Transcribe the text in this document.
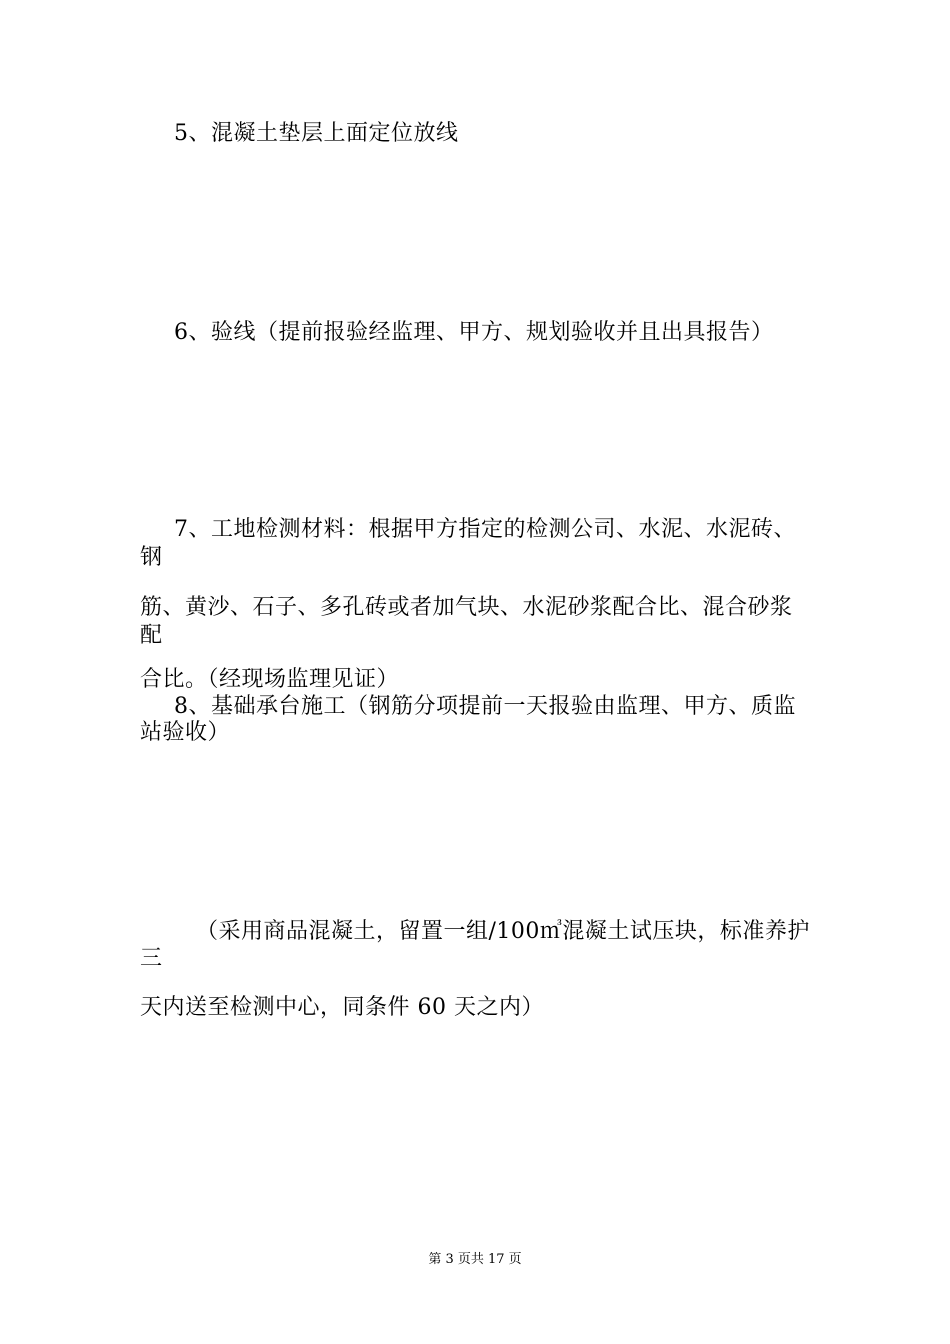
5、混凝土垫层上面定位放线
6、验线（提前报验经监理、甲方、规划验收并且出具报告）
7、工地检测材料：根据甲方指定的检测公司、水泥、水泥砖、
钢
筋、黄沙、石子、多孔砖或者加气块、水泥砂浆配合比、混合砂浆
配
合比。（经现场监理见证）
8、基础承台施工（钢筋分项提前一天报验由监理、甲方、质监
站验收）
（采用商品混凝土，留置一组/100㎥混凝土试压块，标准养护
三
天内送至检测中心，同条件 60 天之内）
第 3 页共 17 页
